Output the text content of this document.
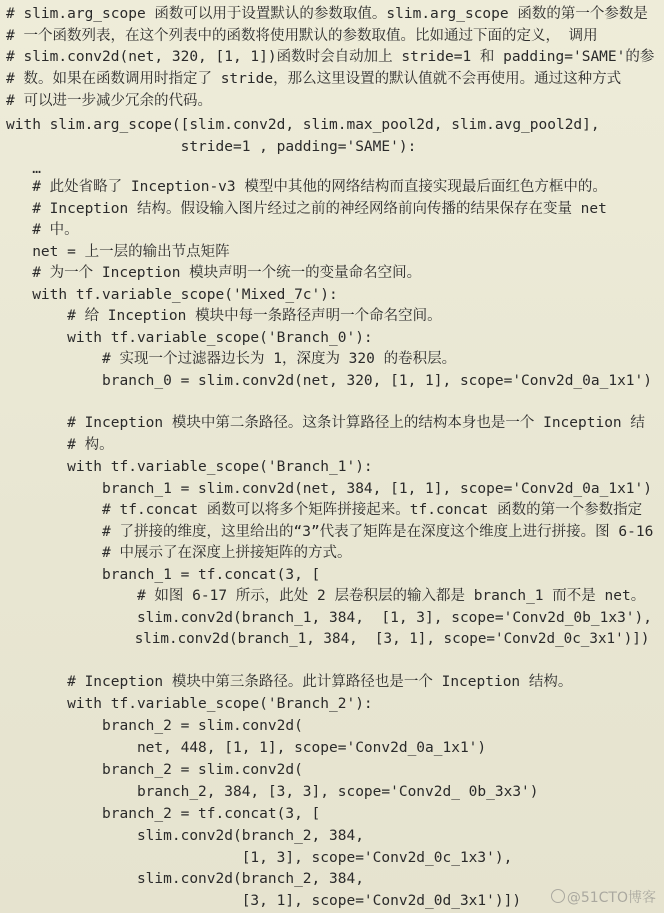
# slim.arg_scope 函数可以用于设置默认的参数取值。slim.arg_scope 函数的第一个参数是
# 一个函数列表，在这个列表中的函数将使用默认的参数取值。比如通过下面的定义， 调用
# slim.conv2d(net, 320, [1, 1])函数时会自动加上 stride=1 和 padding='SAME'的参
# 数。如果在函数调用时指定了 stride，那么这里设置的默认值就不会再使用。通过这种方式
# 可以进一步减少冗余的代码。
with slim.arg_scope([slim.conv2d, slim.max_pool2d, slim.avg_pool2d],
stride=1 , padding='SAME'):
…
# 此处省略了 Inception-v3 模型中其他的网络结构而直接实现最后面红色方框中的。
# Inception 结构。假设输入图片经过之前的神经网络前向传播的结果保存在变量 net
# 中。
net = 上一层的输出节点矩阵
# 为一个 Inception 模块声明一个统一的变量命名空间。
with tf.variable_scope('Mixed_7c'):
# 给 Inception 模块中每一条路径声明一个命名空间。
with tf.variable_scope('Branch_0'):
# 实现一个过滤器边长为 1，深度为 320 的卷积层。
branch_0 = slim.conv2d(net, 320, [1, 1], scope='Conv2d_0a_1x1')
# Inception 模块中第二条路径。这条计算路径上的结构本身也是一个 Inception 结
# 构。
with tf.variable_scope('Branch_1'):
branch_1 = slim.conv2d(net, 384, [1, 1], scope='Conv2d_0a_1x1')
# tf.concat 函数可以将多个矩阵拼接起来。tf.concat 函数的第一个参数指定
# 了拼接的维度，这里给出的“3”代表了矩阵是在深度这个维度上进行拼接。图 6-16
# 中展示了在深度上拼接矩阵的方式。
branch_1 = tf.concat(3, [
# 如图 6-17 所示，此处 2 层卷积层的输入都是 branch_1 而不是 net。
slim.conv2d(branch_1, 384,  [1, 3], scope='Conv2d_0b_1x3'),
slim.conv2d(branch_1, 384,  [3, 1], scope='Conv2d_0c_3x1')])
# Inception 模块中第三条路径。此计算路径也是一个 Inception 结构。
with tf.variable_scope('Branch_2'):
branch_2 = slim.conv2d(
net, 448, [1, 1], scope='Conv2d_0a_1x1')
branch_2 = slim.conv2d(
branch_2, 384, [3, 3], scope='Conv2d_ 0b_3x3')
branch_2 = tf.concat(3, [
slim.conv2d(branch_2, 384,
[1, 3], scope='Conv2d_0c_1x3'),
slim.conv2d(branch_2, 384,
[3, 1], scope='Conv2d_0d_3x1')])	@51CTO博客
